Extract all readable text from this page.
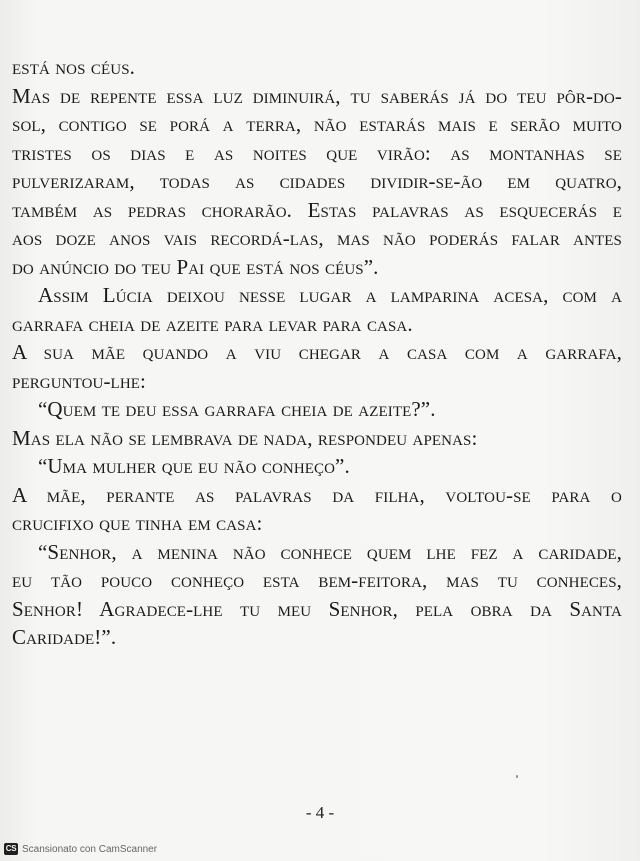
está nos céus.
Mas de repente essa luz diminuirá, tu saberás já do teu pôr-do-
sol, contigo se porá a terra, não estarás mais e serão muito
tristes os dias e as noites que virão: as montanhas se
pulverizaram, todas as cidades dividir-se-ão em quatro,
também as pedras chorarão. Estas palavras as esquecerás e
aos doze anos vais recordá-las, mas não poderás falar antes
do anúncio do teu Pai que está nos céus”.
Assim Lúcia deixou nesse lugar a lamparina acesa, com a
garrafa cheia de azeite para levar para casa.
A sua mãe quando a viu chegar a casa com a garrafa,
perguntou-lhe:
“Quem te deu essa garrafa cheia de azeite?”.
Mas ela não se lembrava de nada, respondeu apenas:
“Uma mulher que eu não conheço”.
A mãe, perante as palavras da filha, voltou-se para o
crucifixo que tinha em casa:
“Senhor, a menina não conhece quem lhe fez a caridade,
eu tão pouco conheço esta bem-feitora, mas tu conheces,
Senhor! Agradece-lhe tu meu Senhor, pela obra da Santa
Caridade!”.
- 4 -
CS Scansionato con CamScanner
